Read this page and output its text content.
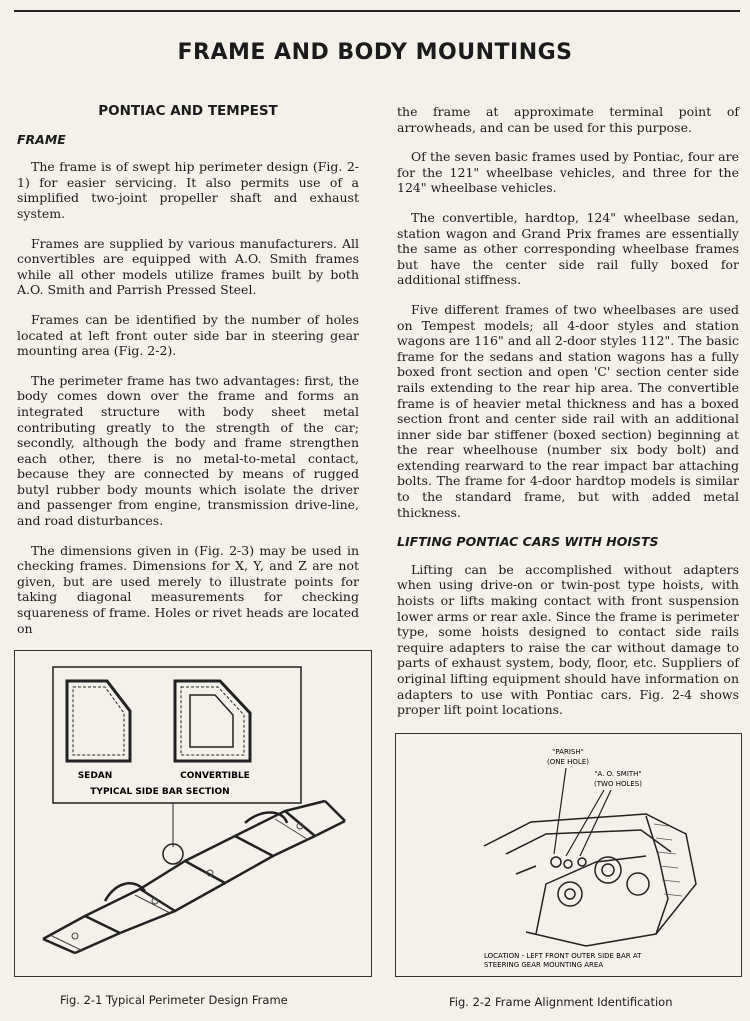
FRAME AND BODY MOUNTINGS
PONTIAC AND TEMPEST
FRAME

The frame is of swept hip perimeter design (Fig. 2-1) for easier servicing. It also permits use of a simplified two-joint propeller shaft and exhaust system.

Frames are supplied by various manufacturers. All convertibles are equipped with A.O. Smith frames while all other models utilize frames built by both A.O. Smith and Parrish Pressed Steel.

Frames can be identified by the number of holes located at left front outer side bar in steering gear mounting area (Fig. 2-2).

The perimeter frame has two advantages: first, the body comes down over the frame and forms an integrated structure with body sheet metal contributing greatly to the strength of the car; secondly, although the body and frame strengthen each other, there is no metal-to-metal contact, because they are connected by means of rugged butyl rubber body mounts which isolate the driver and passenger from engine, transmission drive-line, and road disturbances.

The dimensions given in (Fig. 2-3) may be used in checking frames. Dimensions for X, Y, and Z are not given, but are used merely to illustrate points for taking diagonal measurements for checking squareness of frame. Holes or rivet heads are located on

the frame at approximate terminal point of arrowheads, and can be used for this purpose.

Of the seven basic frames used by Pontiac, four are for the 121" wheelbase vehicles, and three for the 124" wheelbase vehicles.

The convertible, hardtop, 124" wheelbase sedan, station wagon and Grand Prix frames are essentially the same as other corresponding wheelbase frames but have the center side rail fully boxed for additional stiffness.

Five different frames of two wheelbases are used on Tempest models; all 4-door styles and station wagons are 116" and all 2-door styles 112". The basic frame for the sedans and station wagons has a fully boxed front section and open 'C' section center side rails extending to the rear hip area. The convertible frame is of heavier metal thickness and has a boxed section front and center side rail with an additional inner side bar stiffener (boxed section) beginning at the rear wheelhouse (number six body bolt) and extending rearward to the rear impact bar attaching bolts. The frame for 4-door hardtop models is similar to the standard frame, but with added metal thickness.

LIFTING PONTIAC CARS WITH HOISTS

Lifting can be accomplished without adapters when using drive-on or twin-post type hoists, with hoists or lifts making contact with front suspension lower arms or rear axle. Since the frame is perimeter type, some hoists designed to contact side rails require adapters to raise the car without damage to parts of exhaust system, body, floor, etc. Suppliers of original lifting equipment should have information on adapters to use with Pontiac cars. Fig. 2-4 shows proper lift point locations.

SEDAN	CONVERTIBLE
TYPICAL SIDE BAR SECTION
Fig. 2-1 Typical Perimeter Design Frame
"PARISH"
(ONE HOLE)
"A. O. SMITH"
(TWO HOLES)
LOCATION - LEFT FRONT OUTER SIDE BAR AT
STEERING GEAR MOUNTING AREA
Fig. 2-2 Frame Alignment Identification
